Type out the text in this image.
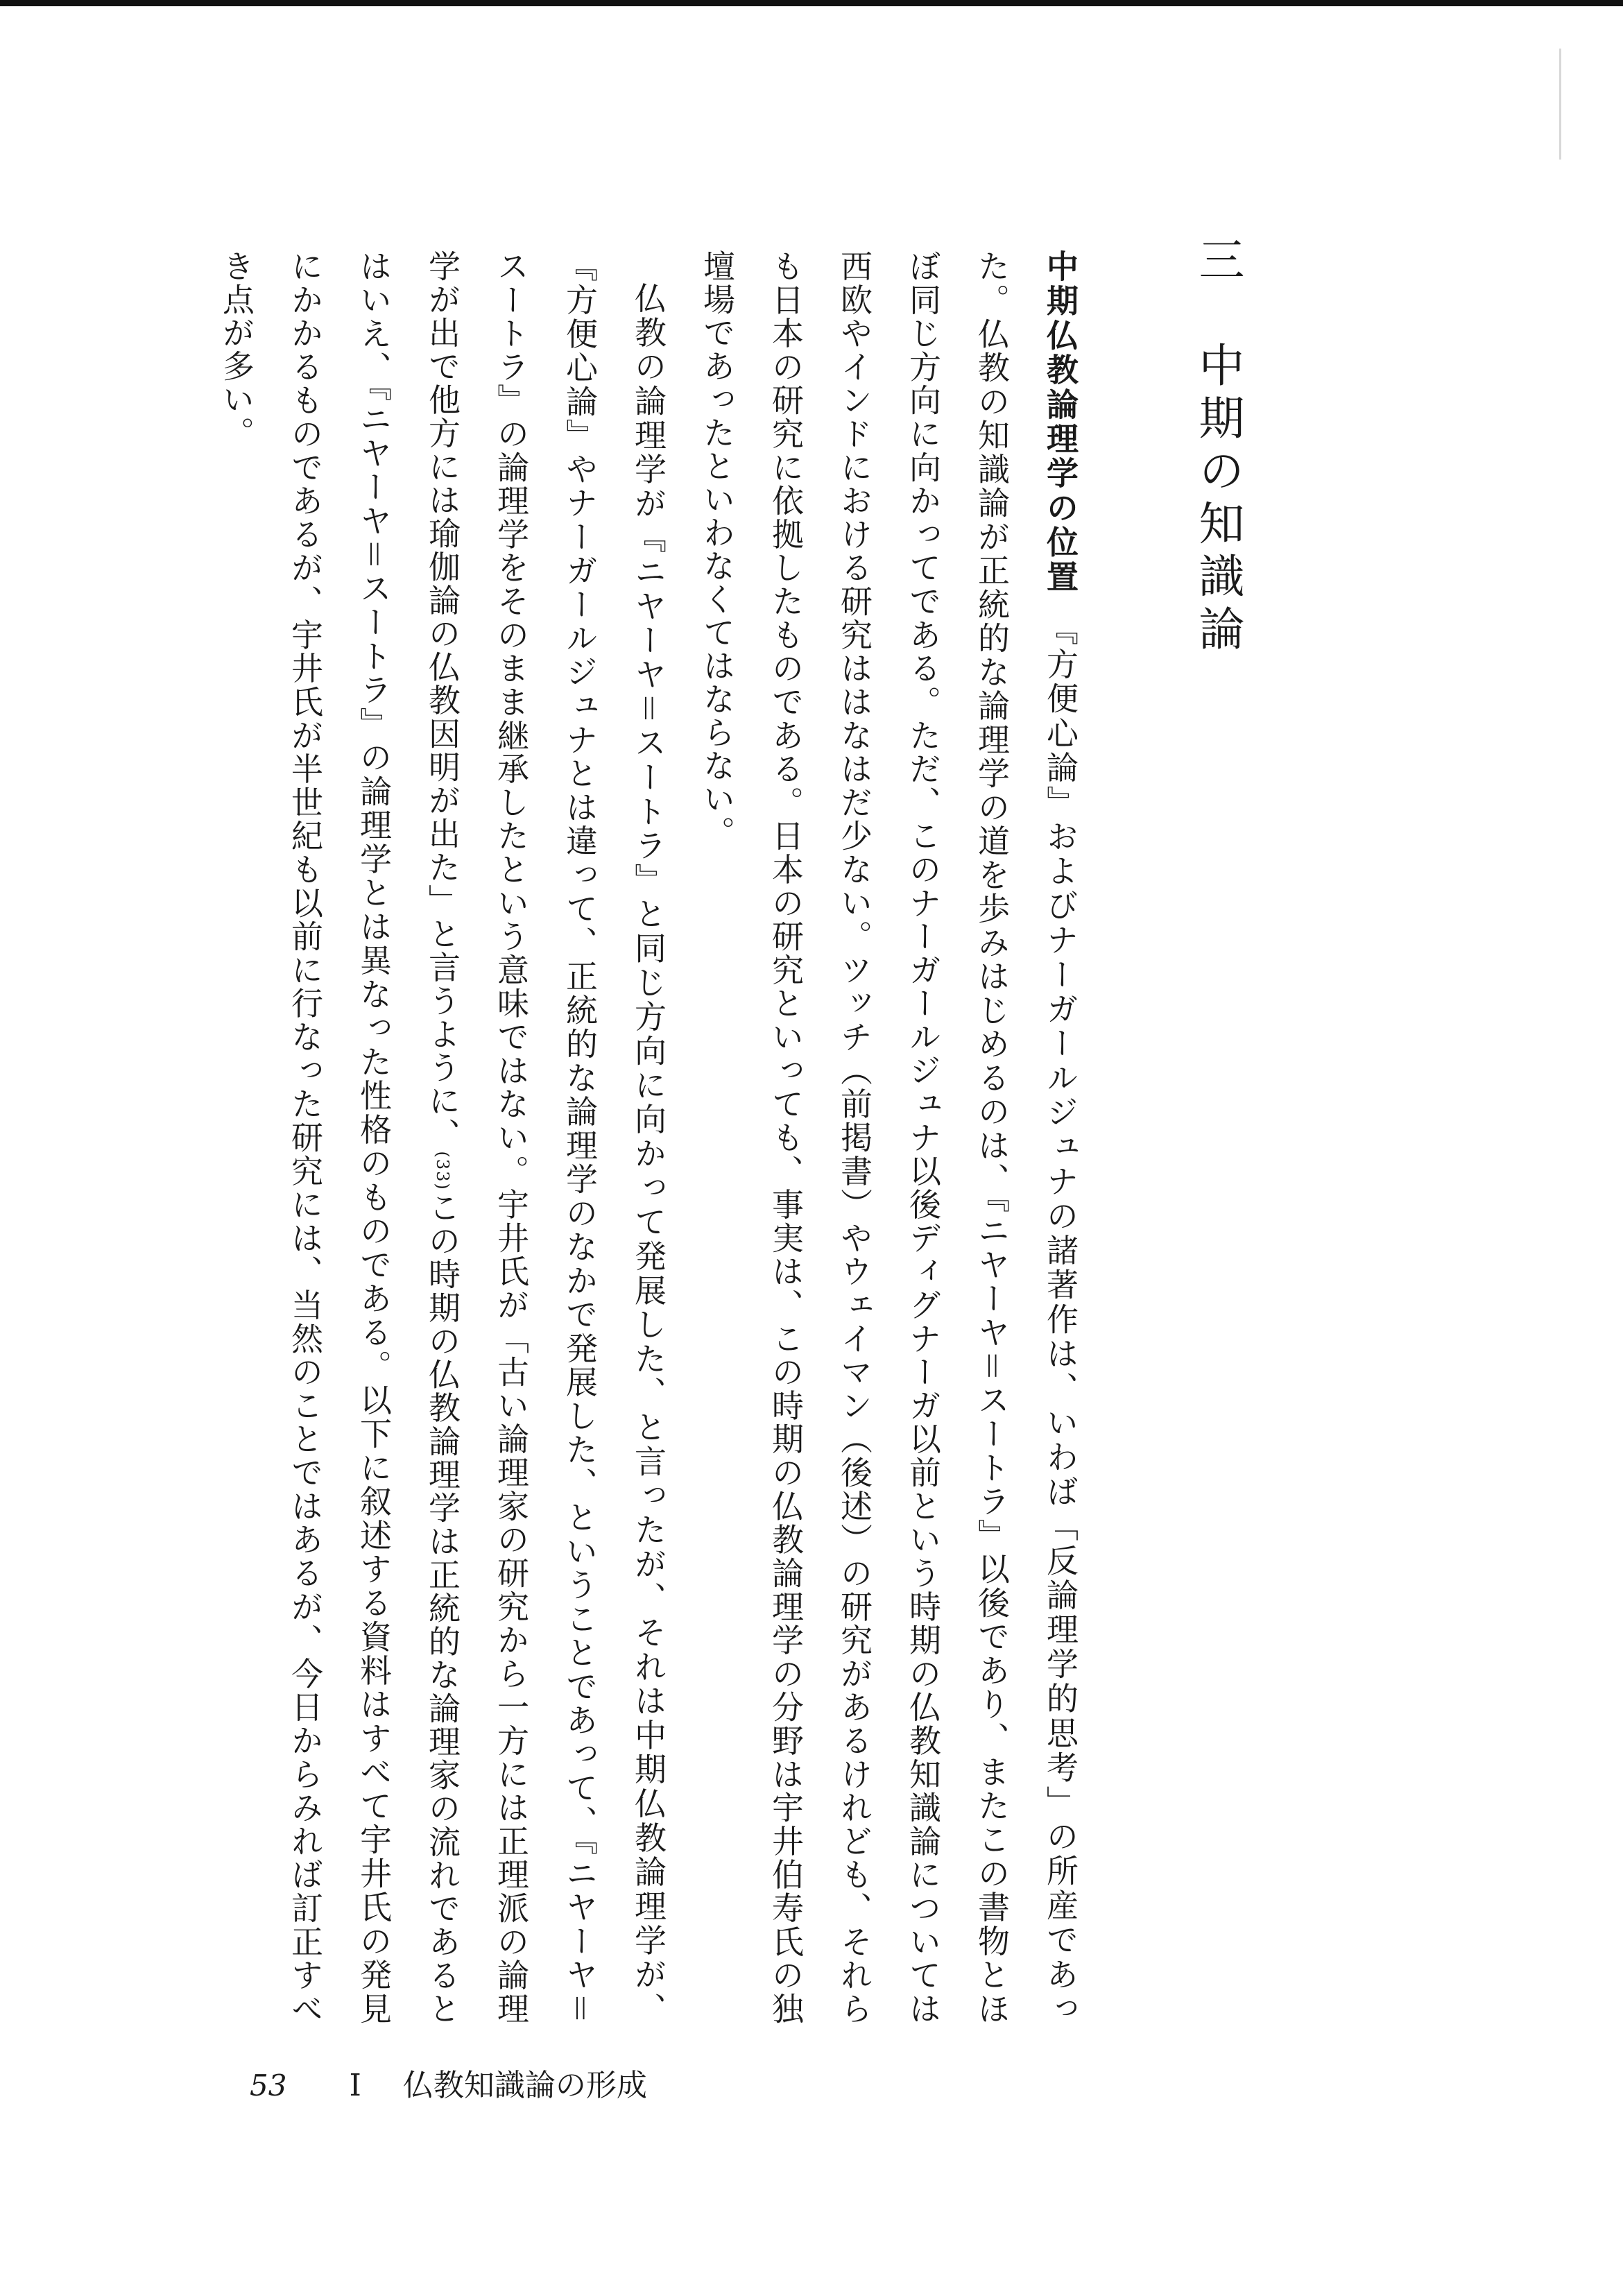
三　中期の知識論

中期仏教論理学の位置　『方便心論』およびナーガールジュナの諸著作は、いわば「反論理学的思考」の所産であった。仏教の知識論が正統的な論理学の道を歩みはじめるのは、『ニヤーヤ＝スートラ』以後であり、またこの書物とほぼ同じ方向に向かってである。ただ、このナーガールジュナ以後ディグナーガ以前という時期の仏教知識論については西欧やインドにおける研究ははなはだ少ない。ツッチ（前掲書）やウェイマン（後述）の研究があるけれども、それらも日本の研究に依拠したものである。日本の研究といっても、事実は、この時期の仏教論理学の分野は宇井伯寿氏の独壇場であったといわなくてはならない。

仏教の論理学が『ニヤーヤ＝スートラ』と同じ方向に向かって発展した、と言ったが、それは中期仏教論理学が、『方便心論』やナーガールジュナとは違って、正統的な論理学のなかで発展した、ということであって、『ニヤーヤ＝スートラ』の論理学をそのまま継承したという意味ではない。宇井氏が「古い論理家の研究から一方には正理派の論理学が出で他方には瑜伽論の仏教因明が出た」と言うように、(33)この時期の仏教論理学は正統的な論理家の流れであるとはいえ、『ニヤーヤ＝スートラ』の論理学とは異なった性格のものである。以下に叙述する資料はすべて宇井氏の発見にかかるものであるが、宇井氏が半世紀も以前に行なった研究には、当然のことではあるが、今日からみれば訂正すべき点が多い。

53 I 仏教知識論の形成
